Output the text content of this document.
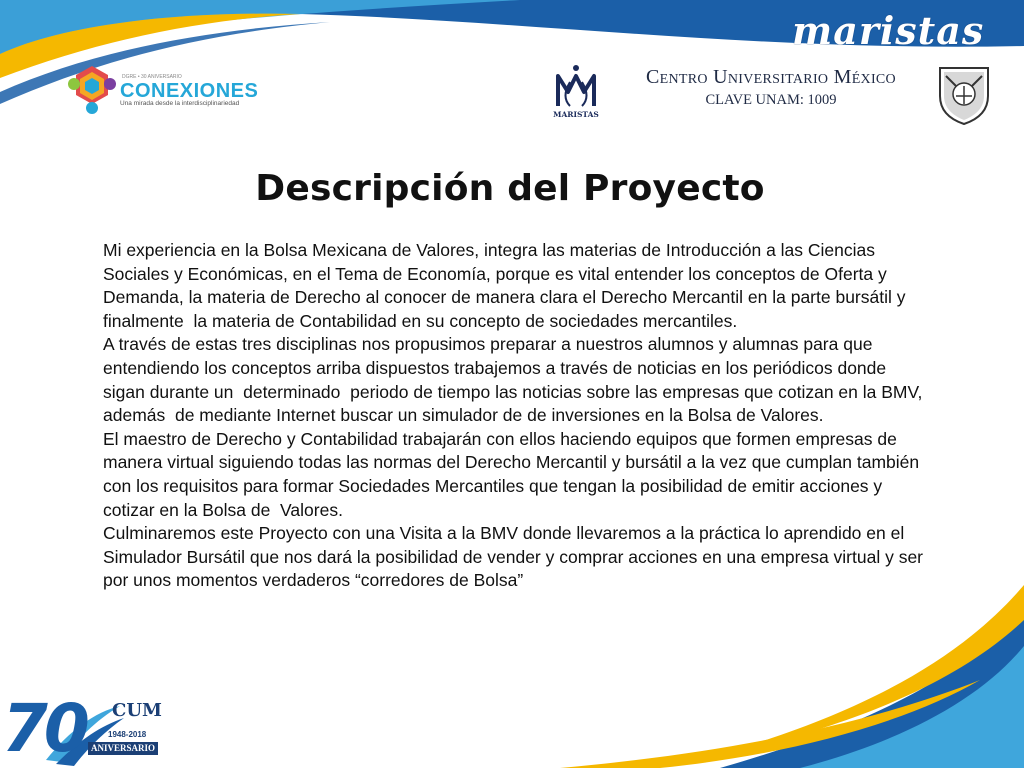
maristas
DGRE • 30 ANIVERSARIO
CONEXIONES
Una mirada desde la interdisciplinariedad
MARISTAS
Centro Universitario México
CLAVE UNAM: 1009
Descripción del Proyecto
Mi experiencia en la Bolsa Mexicana de Valores, integra las materias de Introducción a las Ciencias Sociales y Económicas, en el Tema de Economía, porque es vital entender los conceptos de Oferta y Demanda, la materia de Derecho al conocer de manera clara el Derecho Mercantil en la parte bursátil y finalmente  la materia de Contabilidad en su concepto de sociedades mercantiles.
A través de estas tres disciplinas nos propusimos preparar a nuestros alumnos y alumnas para que entendiendo los conceptos arriba dispuestos trabajemos a través de noticias en los periódicos donde sigan durante un  determinado  periodo de tiempo las noticias sobre las empresas que cotizan en la BMV, además  de mediante Internet buscar un simulador de de inversiones en la Bolsa de Valores.
El maestro de Derecho y Contabilidad trabajarán con ellos haciendo equipos que formen empresas de manera virtual siguiendo todas las normas del Derecho Mercantil y bursátil a la vez que cumplan también con los requisitos para formar Sociedades Mercantiles que tengan la posibilidad de emitir acciones y cotizar en la Bolsa de  Valores.
Culminaremos este Proyecto con una Visita a la BMV donde llevaremos a la práctica lo aprendido en el Simulador Bursátil que nos dará la posibilidad de vender y comprar acciones en una empresa virtual y ser por unos momentos verdaderos “corredores de Bolsa”
70 CUM
1948-2018
ANIVERSARIO
